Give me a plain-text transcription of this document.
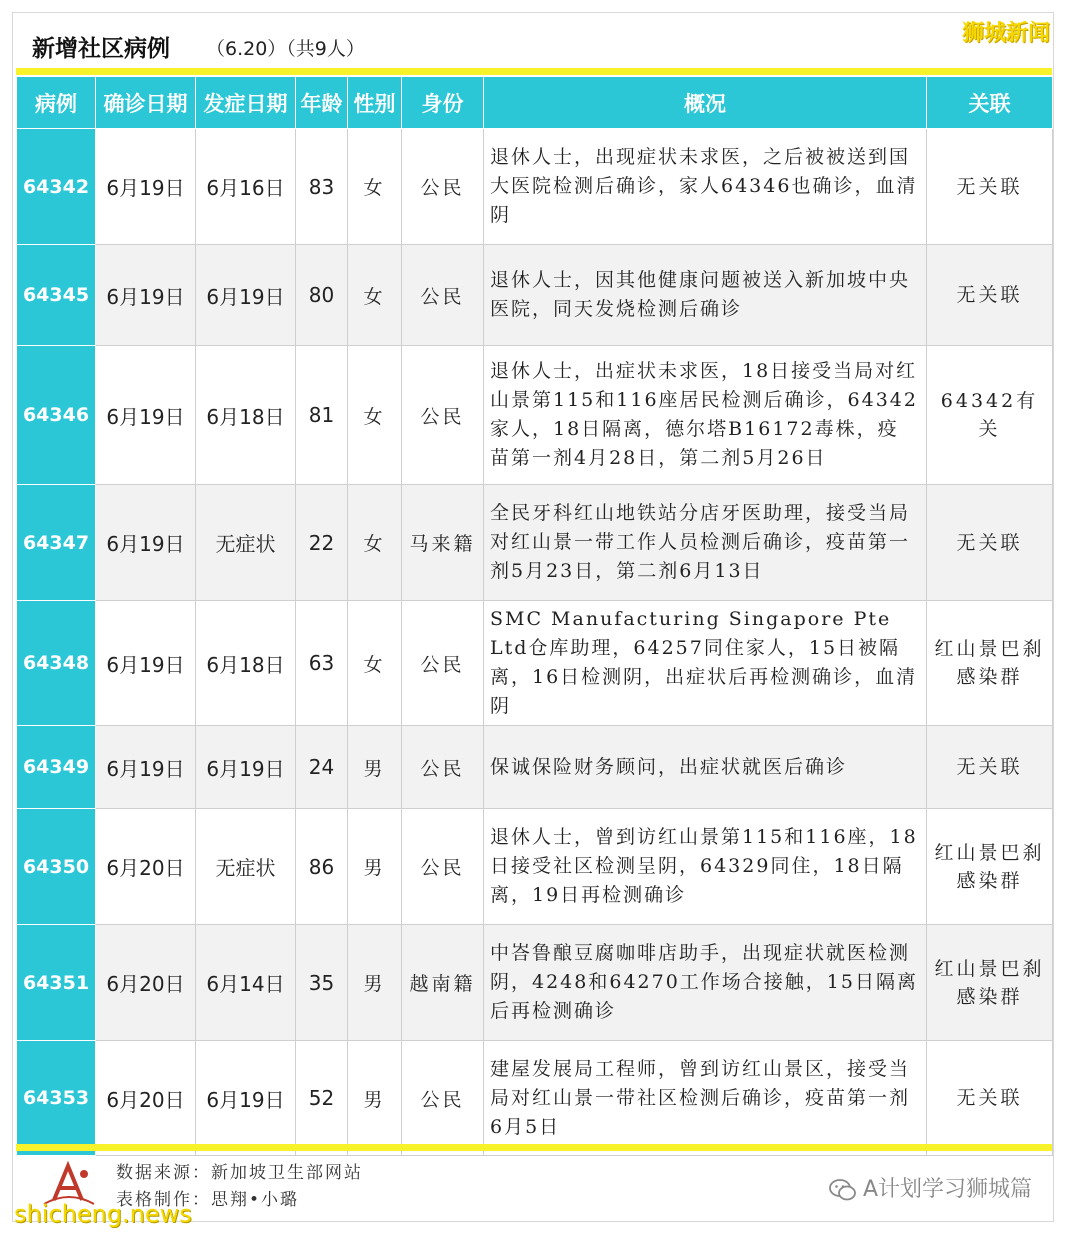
新增社区病例 （6.20）（共9人）
狮城新闻
病例	确诊日期	发症日期	年龄	性别	身份	概况	关联
64342	6月19日	6月16日	83	女	公民	退休人士，出现症状未求医，之后被被送到国大医院检测后确诊，家人64346也确诊，血清阴	无关联
64345	6月19日	6月19日	80	女	公民	退休人士，因其他健康问题被送入新加坡中央医院，同天发烧检测后确诊	无关联
64346	6月19日	6月18日	81	女	公民	退休人士，出症状未求医，18日接受当局对红山景第115和116座居民检测后确诊，64342家人，18日隔离，德尔塔B16172毒株，疫苗第一剂4月28日，第二剂5月26日	64342有关
64347	6月19日	无症状	22	女	马来籍	全民牙科红山地铁站分店牙医助理，接受当局对红山景一带工作人员检测后确诊，疫苗第一剂5月23日，第二剂6月13日	无关联
64348	6月19日	6月18日	63	女	公民	SMC Manufacturing Singapore Pte Ltd仓库助理，64257同住家人，15日被隔离，16日检测阴，出症状后再检测确诊，血清阴	红山景巴刹感染群
64349	6月19日	6月19日	24	男	公民	保诚保险财务顾问，出症状就医后确诊	无关联
64350	6月20日	无症状	86	男	公民	退休人士，曾到访红山景第115和116座，18日接受社区检测呈阴，64329同住，18日隔离，19日再检测确诊	红山景巴刹感染群
64351	6月20日	6月14日	35	男	越南籍	中峇鲁酿豆腐咖啡店助手，出现症状就医检测阴，4248和64270工作场合接触，15日隔离后再检测确诊	红山景巴刹感染群
64353	6月20日	6月19日	52	男	公民	建屋发展局工程师，曾到访红山景区，接受当局对红山景一带社区检测后确诊，疫苗第一剂6月5日	无关联
数据来源：新加坡卫生部网站
表格制作：思翔•小璐
shicheng.news
A计划学习狮城篇
